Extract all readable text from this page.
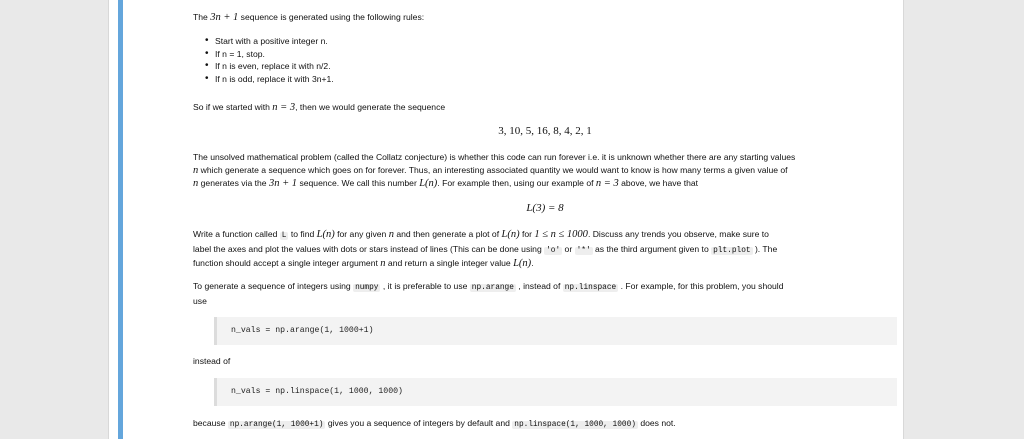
The 3n + 1 sequence is generated using the following rules:

• Start with a positive integer n.
• If n = 1, stop.
• If n is even, replace it with n/2.
• If n is odd, replace it with 3n+1.

So if we started with n = 3, then we would generate the sequence

3, 10, 5, 16, 8, 4, 2, 1

The unsolved mathematical problem (called the Collatz conjecture) is whether this code can run forever i.e. it is unknown whether there are any starting values

n which generate a sequence which goes on for forever. Thus, an interesting associated quantity we would want to know is how many terms a given value of

n generates via the 3n + 1 sequence. We call this number L(n). For example then, using our example of n = 3 above, we have that

L(3) = 8

Write a function called L to find L(n) for any given n and then generate a plot of L(n) for 1 ≤ n ≤ 1000. Discuss any trends you observe, make sure to

label the axes and plot the values with dots or stars instead of lines (This can be done using 'o' or '*' as the third argument given to plt.plot ). The

function should accept a single integer argument n and return a single integer value L(n).

To generate a sequence of integers using numpy , it is preferable to use np.arange , instead of np.linspace . For example, for this problem, you should

use

n_vals = np.arange(1, 1000+1)

instead of

n_vals = np.linspace(1, 1000, 1000)

because np.arange(1, 1000+1) gives you a sequence of integers by default and np.linspace(1, 1000, 1000) does not.
